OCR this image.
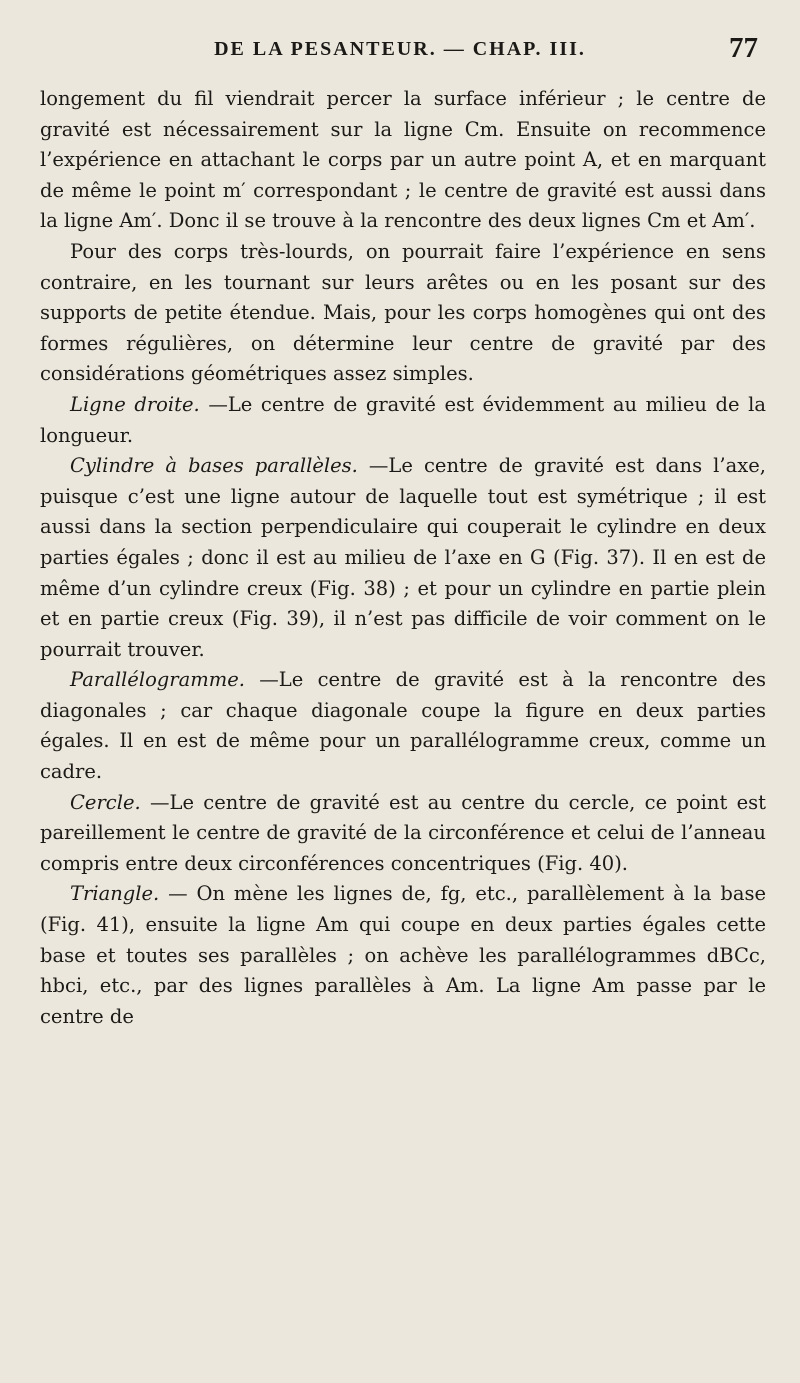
DE LA PESANTEUR. — CHAP. III.	77

longement du fil viendrait percer la surface inférieur ; le centre de gravité est nécessairement sur la ligne Cm. Ensuite on recommence l’expérience en attachant le corps par un autre point A, et en marquant de même le point m′ correspondant ; le centre de gravité est aussi dans la ligne Am′. Donc il se trouve à la rencontre des deux lignes Cm et Am′.

Pour des corps très-lourds, on pourrait faire l’expérience en sens contraire, en les tournant sur leurs arêtes ou en les posant sur des supports de petite étendue. Mais, pour les corps homogènes qui ont des formes régulières, on détermine leur centre de gravité par des considérations géométriques assez simples.

Ligne droite. —Le centre de gravité est évidemment au milieu de la longueur.

Cylindre à bases parallèles. —Le centre de gravité est dans l’axe, puisque c’est une ligne autour de laquelle tout est symétrique ; il est aussi dans la section perpendiculaire qui couperait le cylindre en deux parties égales ; donc il est au milieu de l’axe en G (Fig. 37). Il en est de même d’un cylindre creux (Fig. 38) ; et pour un cylindre en partie plein et en partie creux (Fig. 39), il n’est pas difficile de voir comment on le pourrait trouver.

Parallélogramme. —Le centre de gravité est à la rencontre des diagonales ; car chaque diagonale coupe la figure en deux parties égales. Il en est de même pour un parallélogramme creux, comme un cadre.

Cercle. —Le centre de gravité est au centre du cercle, ce point est pareillement le centre de gravité de la circonférence et celui de l’anneau compris entre deux circonférences concentriques (Fig. 40).

Triangle. — On mène les lignes de, fg, etc., parallèlement à la base (Fig. 41), ensuite la ligne Am qui coupe en deux parties égales cette base et toutes ses parallèles ; on achève les parallélogrammes dBCc, hbci, etc., par des lignes parallèles à Am. La ligne Am passe par le centre de
